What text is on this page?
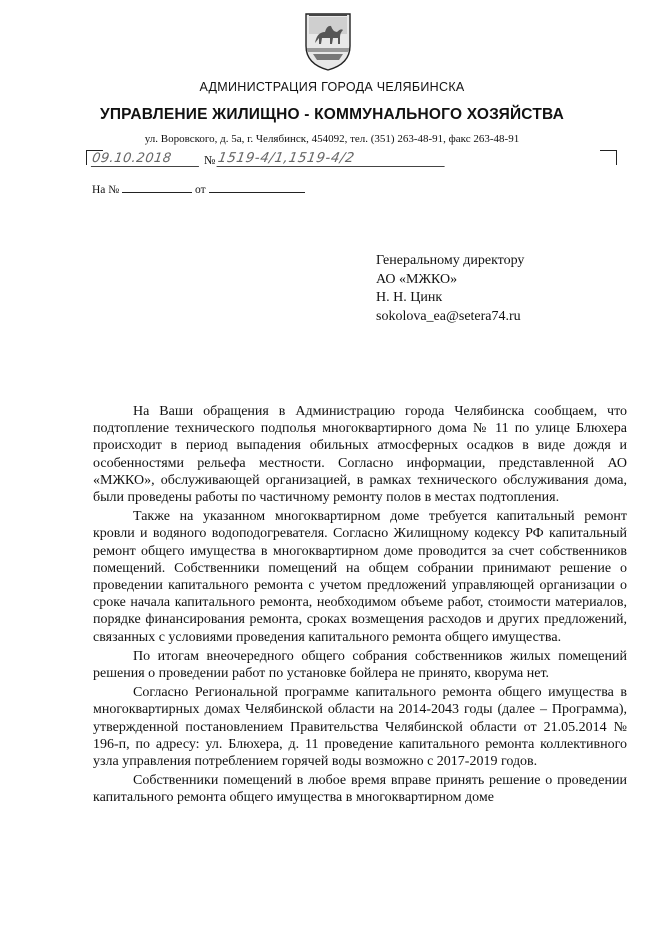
АДМИНИСТРАЦИЯ ГОРОДА ЧЕЛЯБИНСКА
УПРАВЛЕНИЕ ЖИЛИЩНО - КОММУНАЛЬНОГО ХОЗЯЙСТВА
ул. Воровского, д. 5а, г. Челябинск, 454092, тел. (351) 263-48-91, факс 263-48-91
09.10.2018	№ 1519-4/1,1519-4/2
На №	от
Генеральному директору
АО «МЖКО»
Н. Н. Цинк
sokolova_ea@setera74.ru

На Ваши обращения в Администрацию города Челябинска сообщаем, что подтопление технического подполья многоквартирного дома № 11 по улице Блюхера происходит в период выпадения обильных атмосферных осадков в виде дождя и особенностями рельефа местности. Согласно информации, представленной АО «МЖКО», обслуживающей организацией, в рамках технического обслуживания дома, были проведены работы по частичному ремонту полов в местах подтопления.

Также на указанном многоквартирном доме требуется капитальный ремонт кровли и водяного водоподогревателя. Согласно Жилищному кодексу РФ капитальный ремонт общего имущества в многоквартирном доме проводится за счет собственников помещений. Собственники помещений на общем собрании принимают решение о проведении капитального ремонта с учетом предложений управляющей организации о сроке начала капитального ремонта, необходимом объеме работ, стоимости материалов, порядке финансирования ремонта, сроках возмещения расходов и других предложений, связанных с условиями проведения капитального ремонта общего имущества.

По итогам внеочередного общего собрания собственников жилых помещений решения о проведении работ по установке бойлера не принято, кворума нет.

Согласно Региональной программе капитального ремонта общего имущества в многоквартирных домах Челябинской области на 2014-2043 годы (далее – Программа), утвержденной постановлением Правительства Челябинской области от 21.05.2014 № 196-п, по адресу: ул. Блюхера, д. 11 проведение капитального ремонта коллективного узла управления потреблением горячей воды возможно с 2017-2019 годов.

Собственники помещений в любое время вправе принять решение о проведении капитального ремонта общего имущества в многоквартирном доме
